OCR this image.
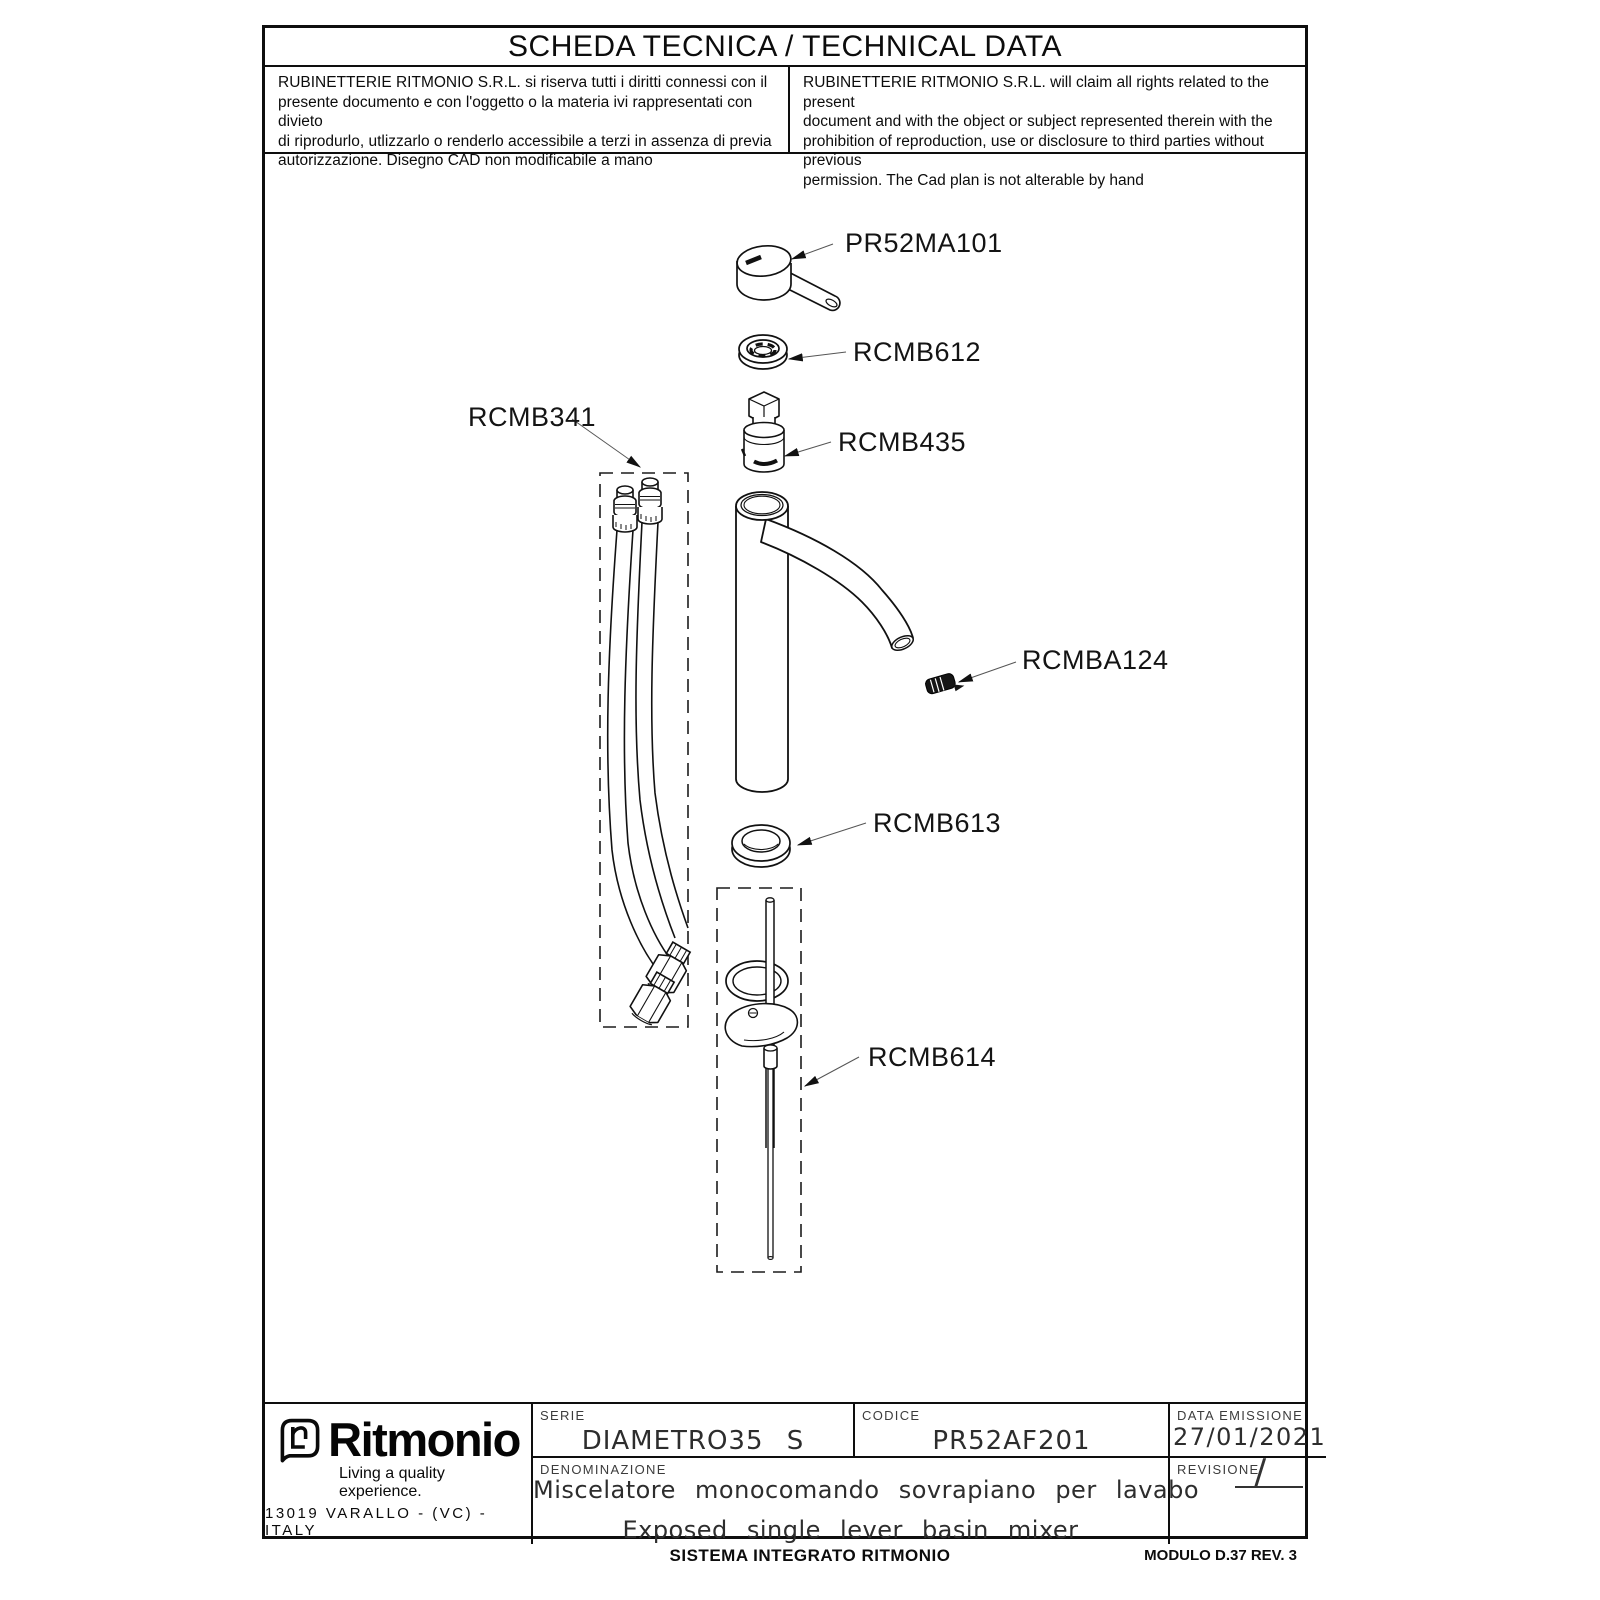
SCHEDA TECNICA / TECHNICAL DATA
RUBINETTERIE RITMONIO S.R.L. si riserva tutti i diritti connessi con il
presente documento e con l'oggetto o la materia ivi rappresentati con divieto
di riprodurlo, utlizzarlo o renderlo accessibile a terzi in assenza di previa
autorizzazione. Disegno CAD non modificabile a mano
RUBINETTERIE RITMONIO S.R.L. will claim all rights related to the present
document and with the object or subject represented therein with the
prohibition of reproduction, use or disclosure to third parties without previous
permission. The Cad plan is not alterable by hand
PR52MA101
RCMB612
RCMB435
RCMB341
RCMBA124
RCMB613
RCMB614
Ritmonio
Living a quality experience.
13019 VARALLO - (VC) - ITALY
SERIE
DIAMETRO35 S
CODICE
PR52AF201
DATA EMISSIONE
27/01/2021
DENOMINAZIONE
Miscelatore monocomando sovrapiano per lavabo
Exposed single lever basin mixer
REVISIONE
/
SISTEMA INTEGRATO RITMONIO	MODULO D.37 REV. 3
